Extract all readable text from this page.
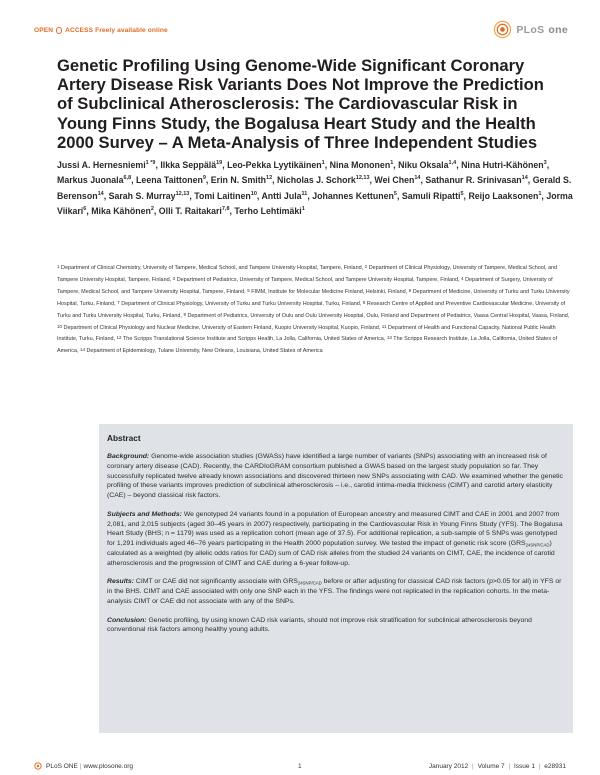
OPEN ACCESS Freely available online	PLoS one
Genetic Profiling Using Genome-Wide Significant Coronary Artery Disease Risk Variants Does Not Improve the Prediction of Subclinical Atherosclerosis: The Cardiovascular Risk in Young Finns Study, the Bogalusa Heart Study and the Health 2000 Survey – A Meta-Analysis of Three Independent Studies
Jussi A. Hernesniemi$^{1 *9}$, Ilkka Seppälä$^{19}$, Leo-Pekka Lyytikäinen$^1$, Nina Mononen$^1$, Niku Oksala$^{1,4}$, Nina Hutri-Kähönen$^3$, Markus Juonala$^{6,8}$, Leena Taittonen$^9$, Erin N. Smith$^{12}$, Nicholas J. Schork$^{12,13}$, Wei Chen$^{14}$, Sathanur R. Srinivasan$^{14}$, Gerald S. Berenson$^{14}$, Sarah S. Murray$^{12,13}$, Tomi Laitinen$^{10}$, Antti Jula$^{11}$, Johannes Kettunen$^5$, Samuli Ripatti$^5$, Reijo Laaksonen$^1$, Jorma Viikari$^6$, Mika Kähönen$^2$, Olli T. Raitakari$^{7,8}$, Terho Lehtimäki$^1$
1 Department of Clinical Chemistry, University of Tampere, Medical School, and Tampere University Hospital, Tampere, Finland, 2 Department of Clinical Physiology, University of Tampere, Medical School, and Tampere University Hospital, Tampere, Finland, 3 Department of Pediatrics, University of Tampere, Medical School, and Tampere University Hospital, Tampere, Finland, 4 Department of Surgery, University of Tampere, Medical School, and Tampere University Hospital, Tampere, Finland, 5 FIMM, Institute for Molecular Medicine Finland, Helsinki, Finland, 6 Department of Medicine, University of Turku and Turku University Hospital, Turku, Finland, 7 Department of Clinical Physiology, University of Turku and Turku University Hospital, Turku, Finland, 8 Research Centre of Applied and Preventive Cardiovascular Medicine, University of Turku and Turku University Hospital, Turku, Finland, 9 Department of Pediatrics, University of Oulu and Oulu University Hospital, Oulu, Finland and Department of Pediatrics, Vaasa Central Hospital, Vaasa, Finland, 10 Department of Clinical Physiology and Nuclear Medicine, University of Eastern Finland, Kuopio University Hospital, Kuopio, Finland, 11 Department of Health and Functional Capacity, National Public Health Institute, Turku, Finland, 12 The Scripps Translational Science Institute and Scripps Health, La Jolla, California, United States of America, 13 The Scripps Research Institute, La Jolla, California, United States of America, 14 Department of Epidemiology, Tulane University, New Orleans, Louisiana, United States of America
Abstract

Background: Genome-wide association studies (GWASs) have identified a large number of variants (SNPs) associating with an increased risk of coronary artery disease (CAD). Recently, the CARDIoGRAM consortium published a GWAS based on the largest study population so far. They successfully replicated twelve already known associations and discovered thirteen new SNPs associating with CAD. We examined whether the genetic profiling of these variants improves prediction of subclinical atherosclerosis – i.e., carotid intima-media thickness (CIMT) and carotid artery elasticity (CAE) – beyond classical risk factors.

Subjects and Methods: We genotyped 24 variants found in a population of European ancestry and measured CIMT and CAE in 2001 and 2007 from 2,081, and 2,015 subjects (aged 30–45 years in 2007) respectively, participating in the Cardiovascular Risk in Young Finns Study (YFS). The Bogalusa Heart Study (BHS; n = 1179) was used as a replication cohort (mean age of 37.5). For additional replication, a sub-sample of 5 SNPs was genotyped for 1,291 individuals aged 46–76 years participating in the Health 2000 population survey. We tested the impact of genetic risk score $(GRS_{24SNP/CAD})$ calculated as a weighted (by allelic odds ratios for CAD) sum of CAD risk alleles from the studied 24 variants on CIMT, CAE, the incidence of carotid atherosclerosis and the progression of CIMT and CAE during a 6-year follow-up.

Results: CIMT or CAE did not significantly associate with $GRS_{24SNP/CAD}$ before or after adjusting for classical CAD risk factors (p>0.05 for all) in YFS or in the BHS. CIMT and CAE associated with only one SNP each in the YFS. The findings were not replicated in the replication cohorts. In the meta-analysis CIMT or CAE did not associate with any of the SNPs.

Conclusion: Genetic profiling, by using known CAD risk variants, should not improve risk stratification for subclinical atherosclerosis beyond conventional risk factors among healthy young adults.

PLoS ONE | www.plosone.org	1	January 2012 | Volume 7 | Issue 1 | e28931
